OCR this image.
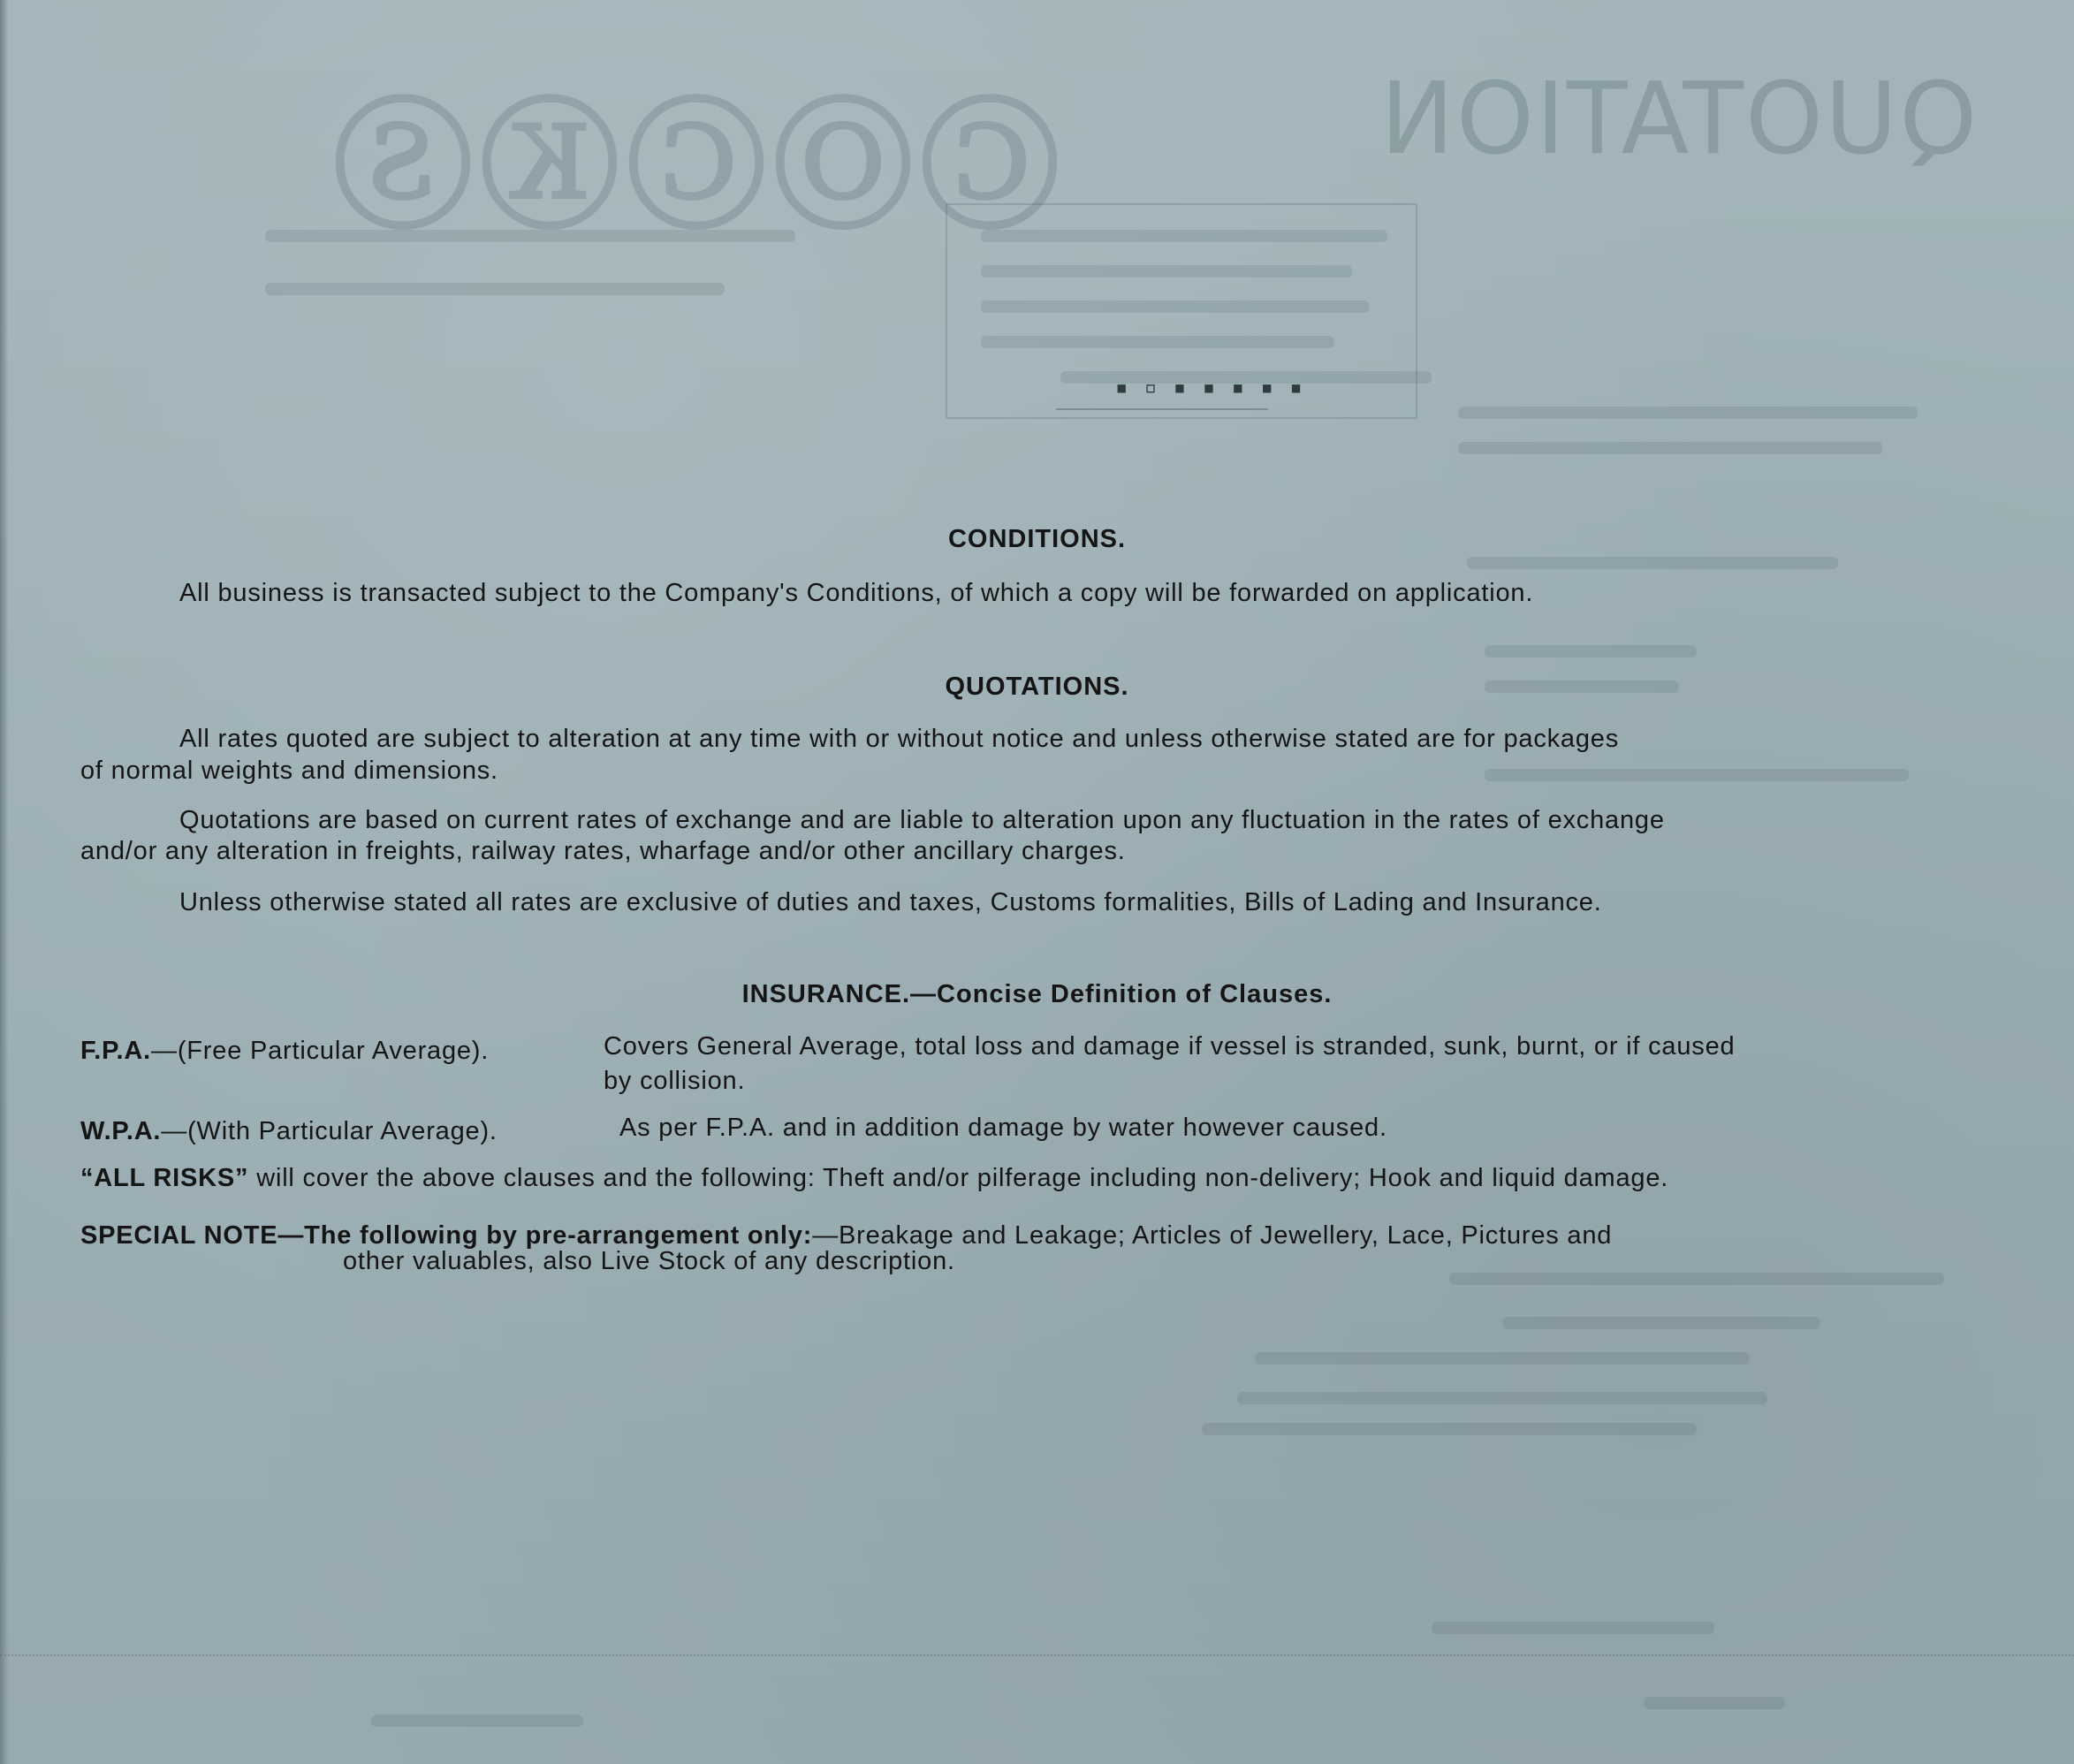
ⒸⓄⒸⓀⓈ	QUOTATION
▪ ▫ ▪ ▪ ▪ ▪ ▪
CONDITIONS.
All business is transacted subject to the Company's Conditions, of which a copy will be forwarded on application.
QUOTATIONS.
All rates quoted are subject to alteration at any time with or without notice and unless otherwise stated are for packages
of normal weights and dimensions.
Quotations are based on current rates of exchange and are liable to alteration upon any fluctuation in the rates of exchange
and/or any alteration in freights, railway rates, wharfage and/or other ancillary charges.
Unless otherwise stated all rates are exclusive of duties and taxes, Customs formalities, Bills of Lading and Insurance.
INSURANCE.—Concise Definition of Clauses.
F.P.A.—(Free Particular Average).	Covers General Average, total loss and damage if vessel is stranded, sunk, burnt, or if caused
by collision.
W.P.A.—(With Particular Average).	As per F.P.A. and in addition damage by water however caused.
“ALL RISKS” will cover the above clauses and the following: Theft and/or pilferage including non-delivery; Hook and liquid damage.
SPECIAL NOTE—The following by pre-arrangement only:—Breakage and Leakage; Articles of Jewellery, Lace, Pictures and
other valuables, also Live Stock of any description.
